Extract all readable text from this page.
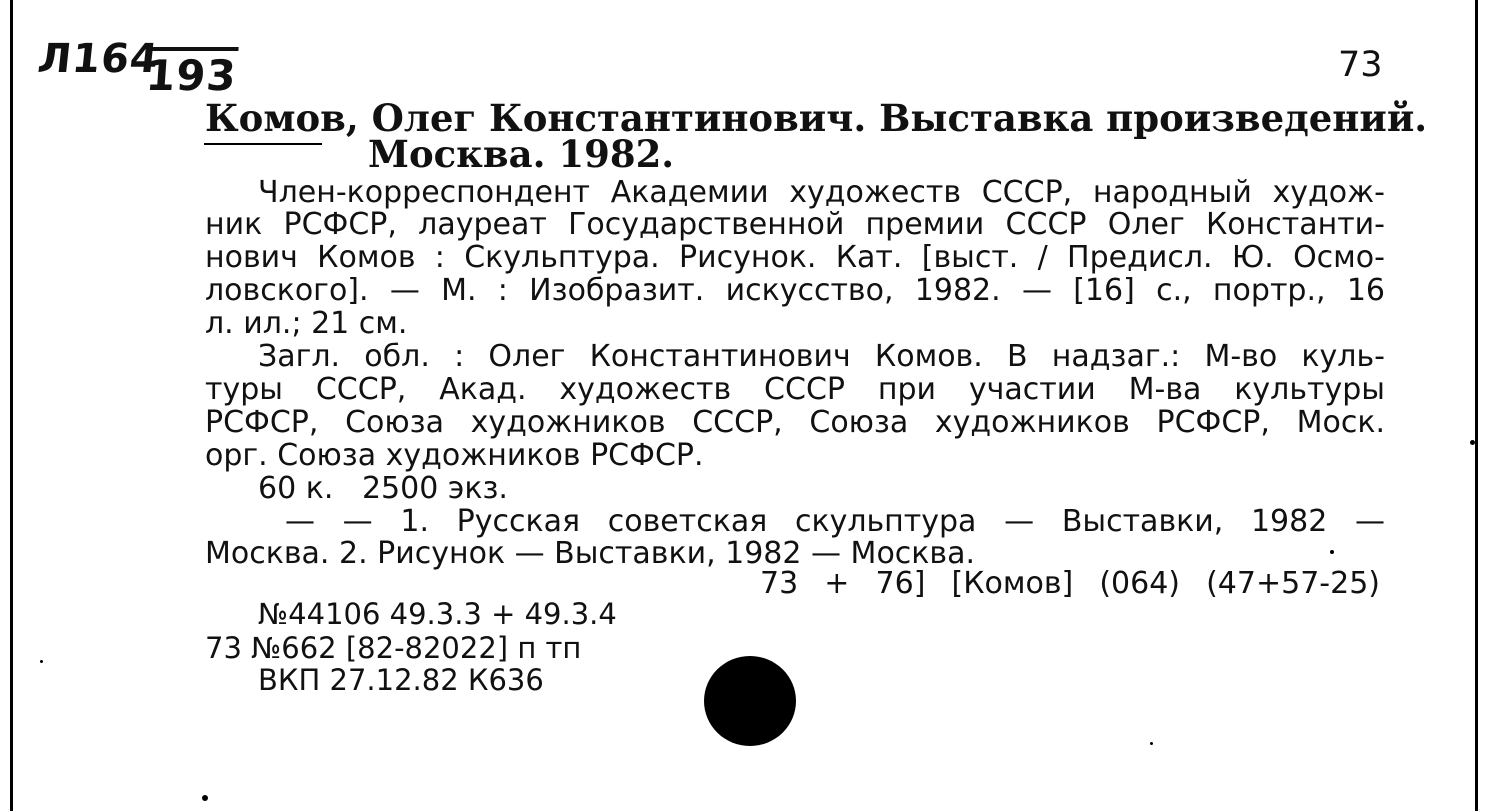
Л164
193	73

Комов, Олег Константинович. Выставка произведений.

Москва. 1982.

Член-корреспондент Академии художеств СССР, народный худож-

ник РСФСР, лауреат Государственной премии СССР Олег Константи-

нович Комов : Скульптура. Рисунок. Кат. [выст. / Предисл. Ю. Осмо-

ловского]. — М. : Изобразит. искусство, 1982. — [16] с., портр., 16

л. ил.; 21 см.

Загл. обл. : Олег Константинович Комов. В надзаг.: М-во куль-

туры СССР, Акад. художеств СССР при участии М-ва культуры

РСФСР, Союза художников СССР, Союза художников РСФСР, Моск.

орг. Союза художников РСФСР.

60 к.   2500 экз.

— — 1. Русская советская скульптура — Выставки, 1982 —

Москва. 2. Рисунок — Выставки, 1982 — Москва.

73 + 76] [Комов] (064) (47+57-25)
№44106 49.3.3 + 49.3.4
73 №662 [82-82022] п тп
ВКП 27.12.82 К636
